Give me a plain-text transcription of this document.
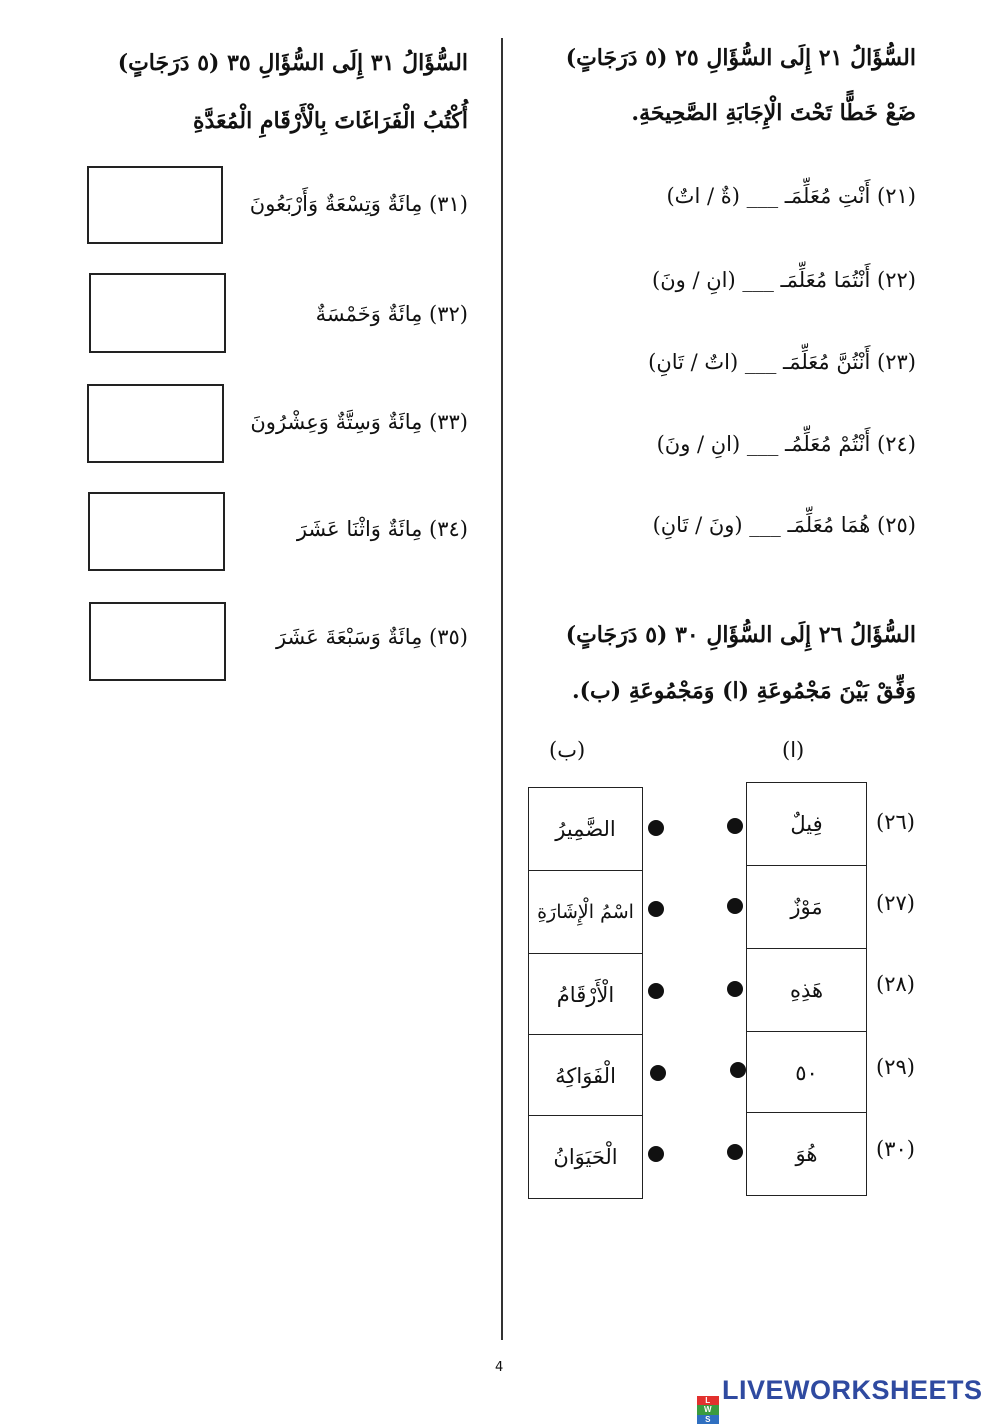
السُّؤَالُ ٢١ إِلَى السُّؤَالِ ٢٥ (٥ دَرَجَاتٍ)
ضَعْ خَطًّا تَحْتَ الْإِجَابَةِ الصَّحِيحَةِ.
(٢١) أَنْتِ مُعَلِّمَـ ___ (ةٌ / اتٌ)
(٢٢) أَنْتُمَا مُعَلِّمَـ ___ (انِ / ونَ)
(٢٣) أَنْتُنَّ مُعَلِّمَـ ___ (اتٌ / تَانِ)
(٢٤) أَنْتُمْ مُعَلِّمُـ ___ (انِ / ونَ)
(٢٥) هُمَا مُعَلِّمَـ ___ (ونَ / تَانِ)
السُّؤَالُ ٢٦ إِلَى السُّؤَالِ ٣٠ (٥ دَرَجَاتٍ)
وَفِّقْ بَيْنَ مَجْمُوعَةِ (ا) وَمَجْمُوعَةِ (ب).
(ا)
(ب)
فِيلٌ
مَوْزٌ
هَذِهِ
٥٠
هُوَ
الضَّمِيرُ
اسْمُ الْإِشَارَةِ
الْأَرْقَامُ
الْفَوَاكِهُ
الْحَيَوَانُ
(٢٦)
(٢٧)
(٢٨)
(٢٩)
(٣٠)
السُّؤَالُ ٣١ إِلَى السُّؤَالِ ٣٥ (٥ دَرَجَاتٍ)
أُكْتُبُ الْفَرَاغَاتَ بِالْأَرْقَامِ الْمُعَدَّةِ
(٣١) مِائَةٌ وَتِسْعَةٌ وَأَرْبَعُونَ
(٣٢) مِائَةٌ وَخَمْسَةٌ
(٣٣) مِائَةٌ وَسِتَّةٌ وَعِشْرُونَ
(٣٤) مِائَةٌ وَاثْنَا عَشَرَ
(٣٥) مِائَةٌ وَسَبْعَةَ عَشَرَ
4
L
W
S
LIVEWORKSHEETS
